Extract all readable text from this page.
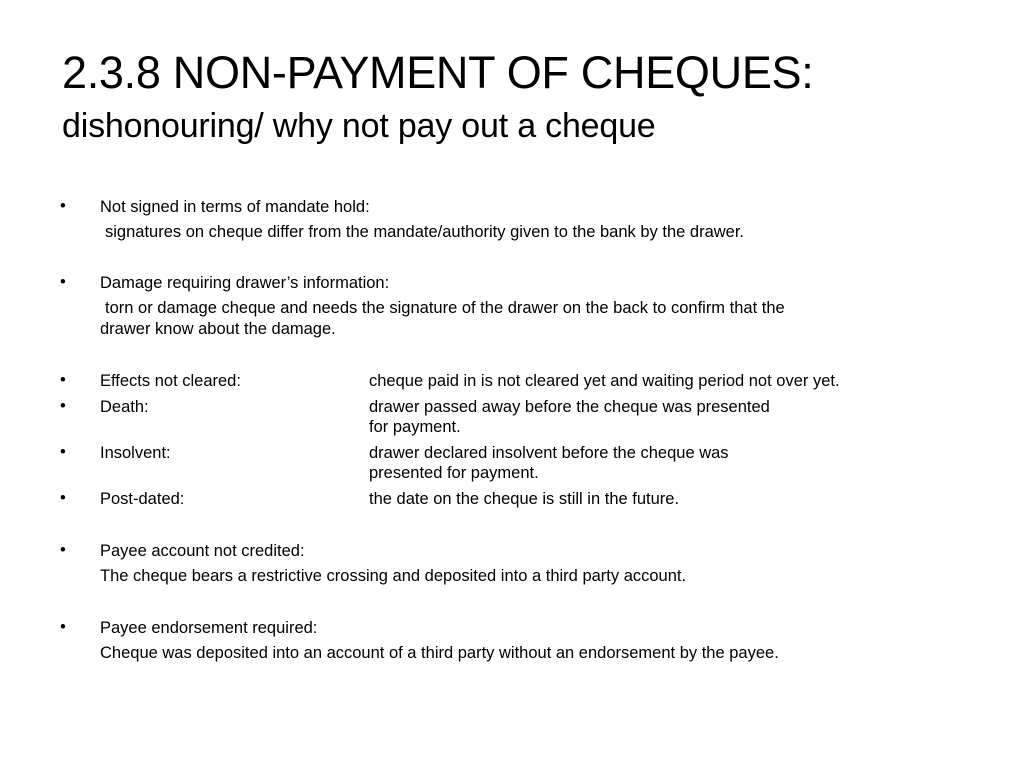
2.3.8 NON-PAYMENT OF CHEQUES:
dishonouring/ why not pay out a cheque
• Not signed in terms of mandate hold:
signatures on cheque differ from the mandate/authority given to the bank by the drawer.
• Damage requiring drawer’s information:
torn or damage cheque and needs the signature of the drawer on the back to confirm that the
drawer know about the damage.
• Effects not cleared:	cheque paid in is not cleared yet and waiting period not over yet.
• Death:	drawer passed away before the cheque was presented
for payment.
• Insolvent:	drawer declared insolvent before the cheque was
presented for payment.
• Post-dated:	the date on the cheque is still in the future.
• Payee account not credited:
The cheque bears a restrictive crossing and deposited into a third party account.
• Payee endorsement required:
Cheque was deposited into an account of a third party without an endorsement by the payee.
